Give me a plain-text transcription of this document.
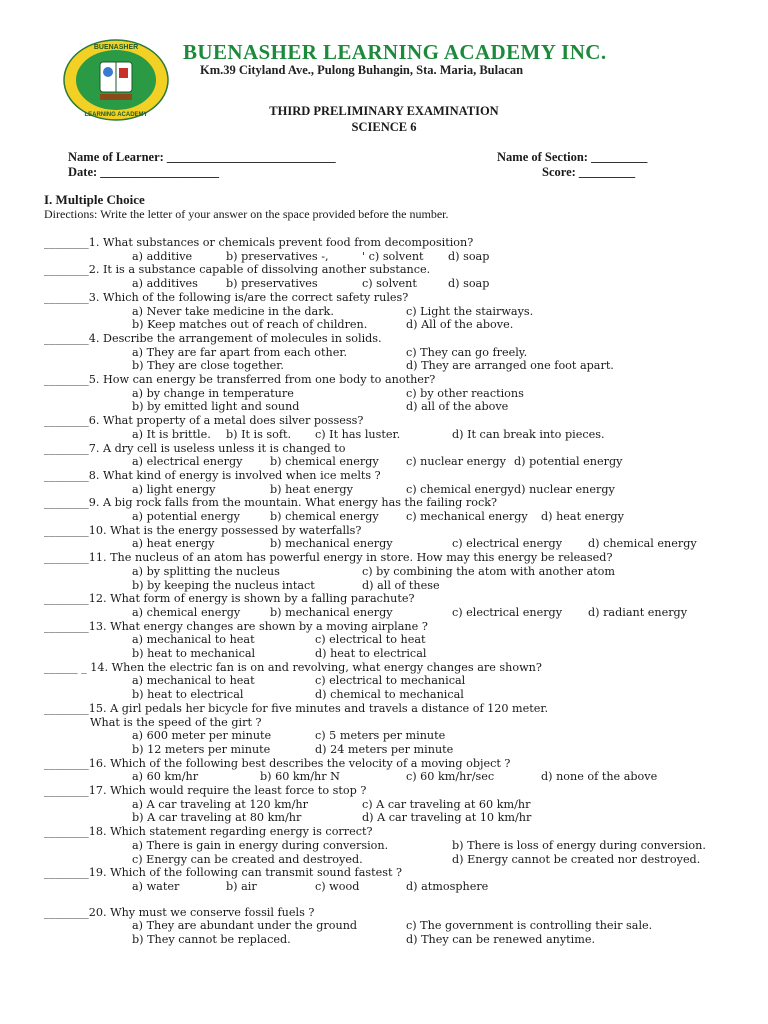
BUENASHER
LEARNING ACADEMY
BUENASHER LEARNING ACADEMY INC.
Km.39 Cityland Ave., Pulong Buhangin, Sta. Maria, Bulacan
THIRD PRELIMINARY EXAMINATION
SCIENCE 6
Name of Learner: ___________________________	Name of Section: _________
Date: ___________________	Score: _________
I. Multiple Choice
Directions: Write the letter of your answer on the space provided before the number.
________1. What substances or chemicals prevent food from decomposition?
a) additive	b) preservatives -,	' c) solvent d) soap
________2. It is a substance capable of dissolving another substance.
a) additives	b) preservatives	c) solvent	d) soap
________3. Which of the following is/are the correct safety rules?
a) Never take medicine in the dark.	c) Light the stairways.
b) Keep matches out of reach of children.	d) All of the above.
________4. Describe the arrangement of molecules in solids.
a) They are far apart from each other.	c) They can go freely.
b) They are close together.	d) They are arranged one foot apart.
________5. How can energy be transferred from one body to another?
a) by change in temperature	c) by other reactions
b) by emitted light and sound	d) all of the above
________6. What property of a metal does silver possess?
a) It is brittle. b) It is soft. c) It has luster.	d) It can break into pieces.
________7. A dry cell is useless unless it is changed to
a) electrical energy b) chemical energy c) nuclear energy d) potential energy
________8. What kind of energy is involved when ice melts ?
a) light energy	b) heat energy	c) chemical energy d) nuclear energy
________9. A big rock falls from the mountain. What energy has the failing rock?
a) potential energy	b) chemical energy c) mechanical energy d) heat energy
________10. What is the energy possessed by waterfalls?
a) heat energy	b) mechanical energy	c) electrical energy d) chemical energy
________11. The nucleus of an atom has powerful energy in store. How may this energy be released?
a) by splitting the nucleus	c) by combining the atom with another atom
b) by keeping the nucleus intact	d) all of these
________12. What form of energy is shown by a falling parachute?
a) chemical energy	b) mechanical energy	c) electrical energy d) radiant energy
________13. What energy changes are shown by a moving airplane ?
a) mechanical to heat	c) electrical to heat
b) heat to mechanical	d) heat to electrical
______ _ 14. When the electric fan is on and revolving, what energy changes are shown?
a) mechanical to heat	c) electrical to mechanical
b) heat to electrical	d) chemical to mechanical
________15. A girl pedals her bicycle for five minutes and travels a distance of 120 meter.
What is the speed of the girt ?
a) 600 meter per minute	c) 5 meters per minute
b) 12 meters per minute	d) 24 meters per minute
________16. Which of the following best describes the velocity of a moving object ?
a) 60 km/hr	b) 60 km/hr N	c) 60 km/hr/sec	d) none of the above
________17. Which would require the least force to stop ?
a) A car traveling at 120 km/hr	c) A car traveling at 60 km/hr
b) A car traveling at 80 km/hr	d) A car traveling at 10 km/hr
________18. Which statement regarding energy is correct?
a) There is gain in energy during conversion.	b) There is loss of energy during conversion.
c) Energy can be created and destroyed.	d) Energy cannot be created nor destroyed.
________19. Which of the following can transmit sound fastest ?
a) water	b) air	c) wood	d) atmosphere
________20. Why must we conserve fossil fuels ?
a) They are abundant under the ground	c) The government is controlling their sale.
b) They cannot be replaced.	d) They can be renewed anytime.
